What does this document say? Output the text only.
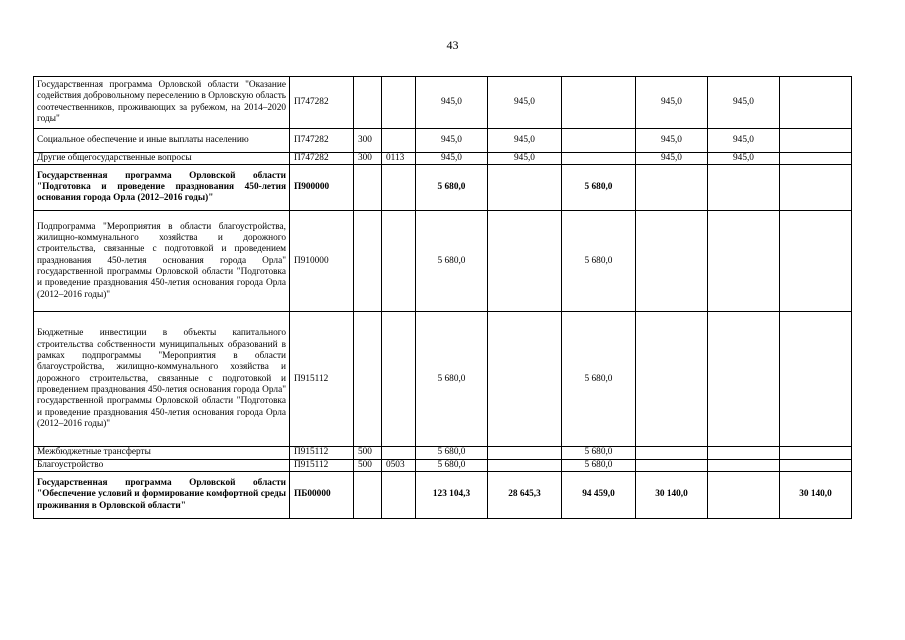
43
Государственная программа Орловской области "Оказание содействия добровольному переселению в Орловскую область соотечественников, проживающих за рубежом, на 2014–2020 годы"	П747282			945,0	945,0		945,0	945,0	
Социальное обеспечение и иные выплаты населению	П747282	300		945,0	945,0		945,0	945,0	
Другие общегосударственные вопросы	П747282	300	0113	945,0	945,0		945,0	945,0	
Государственная программа Орловской области "Подготовка и проведение празднования 450-летия основания города Орла (2012–2016 годы)"	П900000			5 680,0		5 680,0			
Подпрограмма "Мероприятия в области благоустройства, жилищно-коммунального хозяйства и дорожного строительства, связанные с подготовкой и проведением празднования 450-летия основания города Орла" государственной программы Орловской области "Подготовка и проведение празднования 450-летия основания города Орла (2012–2016 годы)"	П910000			5 680,0		5 680,0			
Бюджетные инвестиции в объекты капитального строительства собственности муниципальных образований в рамках подпрограммы "Мероприятия в области благоустройства, жилищно-коммунального хозяйства и дорожного строительства, связанные с подготовкой и проведением празднования 450-летия основания города Орла" государственной программы Орловской области "Подготовка и проведение празднования 450-летия основания города Орла (2012–2016 годы)"	П915112			5 680,0		5 680,0			
Межбюджетные трансферты	П915112	500		5 680,0		5 680,0			
Благоустройство	П915112	500	0503	5 680,0		5 680,0			
Государственная программа Орловской области "Обеспечение условий и формирование комфортной среды проживания в Орловской области"	ПБ00000			123 104,3	28 645,3	94 459,0	30 140,0		30 140,0
